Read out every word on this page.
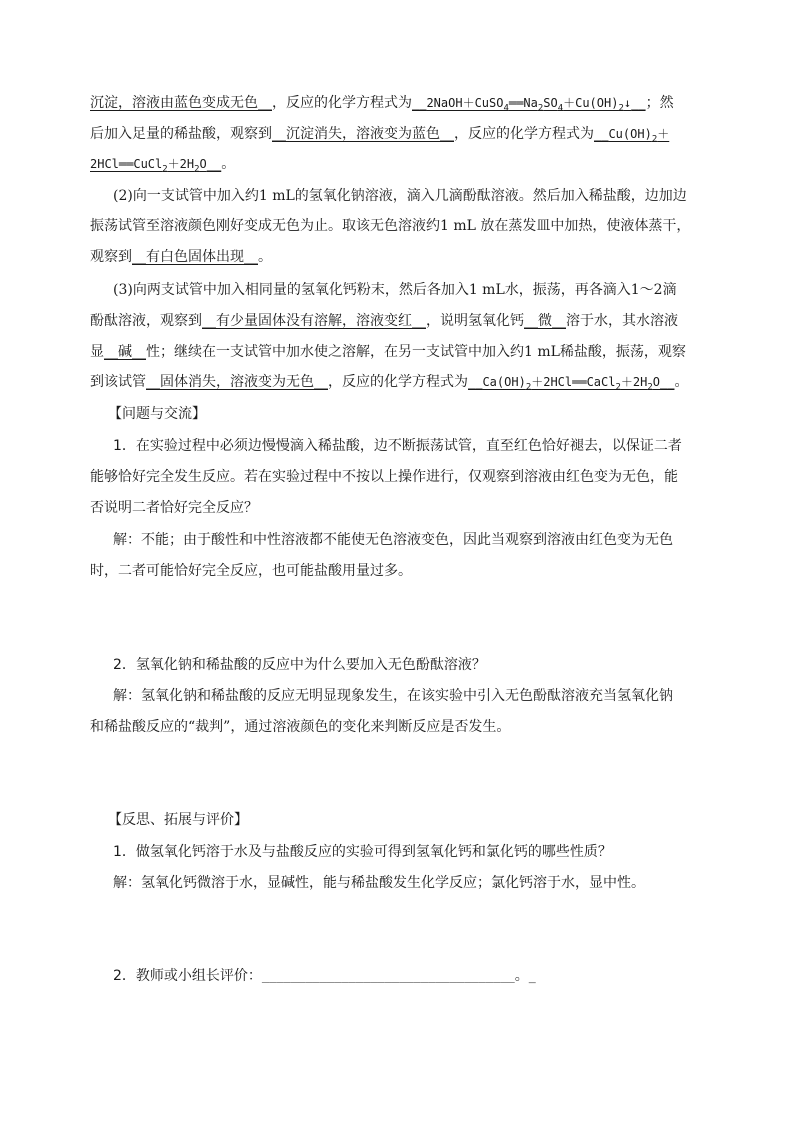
沉淀，溶液由蓝色变成无色__，反应的化学方程式为$\_\_2NaOH+CuSO_4══Na_2SO_4+Cu(OH)_2↓\_\_$；然
后加入足量的稀盐酸，观察到__沉淀消失，溶液变为蓝色__，反应的化学方程式为$\_\_Cu(OH)_2+$
$2HCl══CuCl_2+2H_2O\_\_$。
(2)向一支试管中加入约1 mL的氢氧化钠溶液，滴入几滴酚酞溶液。然后加入稀盐酸，边加边
振荡试管至溶液颜色刚好变成无色为止。取该无色溶液约1 mL 放在蒸发皿中加热，使液体蒸干，
观察到__有白色固体出现__。
(3)向两支试管中加入相同量的氢氧化钙粉末，然后各加入1 mL水，振荡，再各滴入1～2滴
酚酞溶液，观察到__有少量固体没有溶解，溶液变红__，说明氢氧化钙__微__溶于水，其水溶液
显__碱__性；继续在一支试管中加水使之溶解，在另一支试管中加入约1 mL稀盐酸，振荡，观察
到该试管__固体消失，溶液变为无色__，反应的化学方程式为$\_\_Ca(OH)_2+2HCl══CaCl_2+2H_2O\_\_$。
【问题与交流】
1．在实验过程中必须边慢慢滴入稀盐酸，边不断振荡试管，直至红色恰好褪去，以保证二者
能够恰好完全发生反应。若在实验过程中不按以上操作进行，仅观察到溶液由红色变为无色，能
否说明二者恰好完全反应？
解：不能；由于酸性和中性溶液都不能使无色溶液变色，因此当观察到溶液由红色变为无色
时，二者可能恰好完全反应，也可能盐酸用量过多。
2．氢氧化钠和稀盐酸的反应中为什么要加入无色酚酞溶液？
解：氢氧化钠和稀盐酸的反应无明显现象发生，在该实验中引入无色酚酞溶液充当氢氧化钠
和稀盐酸反应的“裁判”，通过溶液颜色的变化来判断反应是否发生。
【反思、拓展与评价】
1．做氢氧化钙溶于水及与盐酸反应的实验可得到氢氧化钙和氯化钙的哪些性质？
解：氢氧化钙微溶于水，显碱性，能与稀盐酸发生化学反应；氯化钙溶于水，显中性。
2．教师或小组长评价：___________________________________。_
